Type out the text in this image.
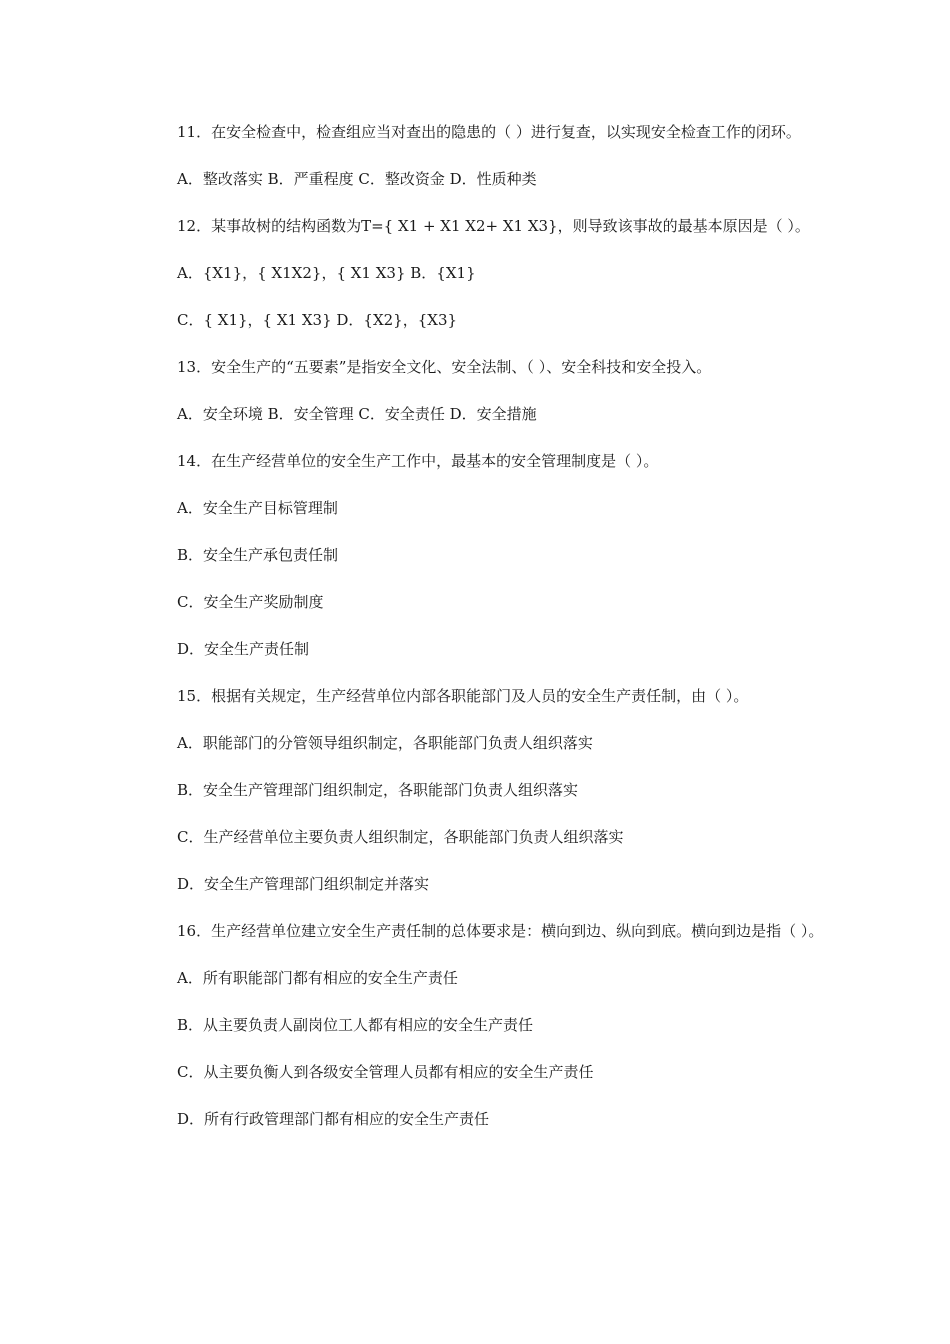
11．在安全检查中，检查组应当对查出的隐患的（ ）进行复查，以实现安全检查工作的闭环。

A．整改落实 B．严重程度 C．整改资金 D．性质种类

12．某事故树的结构函数为T={ X1 + X1 X2+ X1 X3}，则导致该事故的最基本原因是（ ）。

A．{X1}，{ X1X2}，{ X1 X3} B．{X1}

C．{ X1}，{ X1 X3} D．{X2}，{X3}

13．安全生产的“五要素”是指安全文化、安全法制、（ ）、安全科技和安全投入。

A．安全环境 B．安全管理 C．安全责任 D．安全措施

14．在生产经营单位的安全生产工作中，最基本的安全管理制度是（ ）。

A．安全生产目标管理制

B．安全生产承包责任制

C．安全生产奖励制度

D．安全生产责任制

15．根据有关规定，生产经营单位内部各职能部门及人员的安全生产责任制，由（ ）。

A．职能部门的分管领导组织制定，各职能部门负责人组织落实

B．安全生产管理部门组织制定，各职能部门负责人组织落实

C．生产经营单位主要负责人组织制定，各职能部门负责人组织落实

D．安全生产管理部门组织制定并落实

16．生产经营单位建立安全生产责任制的总体要求是：横向到边、纵向到底。横向到边是指（ ）。

A．所有职能部门都有相应的安全生产责任

B．从主要负责人副岗位工人都有相应的安全生产责任

C．从主要负衡人到各级安全管理人员都有相应的安全生产责任

D．所有行政管理部门都有相应的安全生产责任
